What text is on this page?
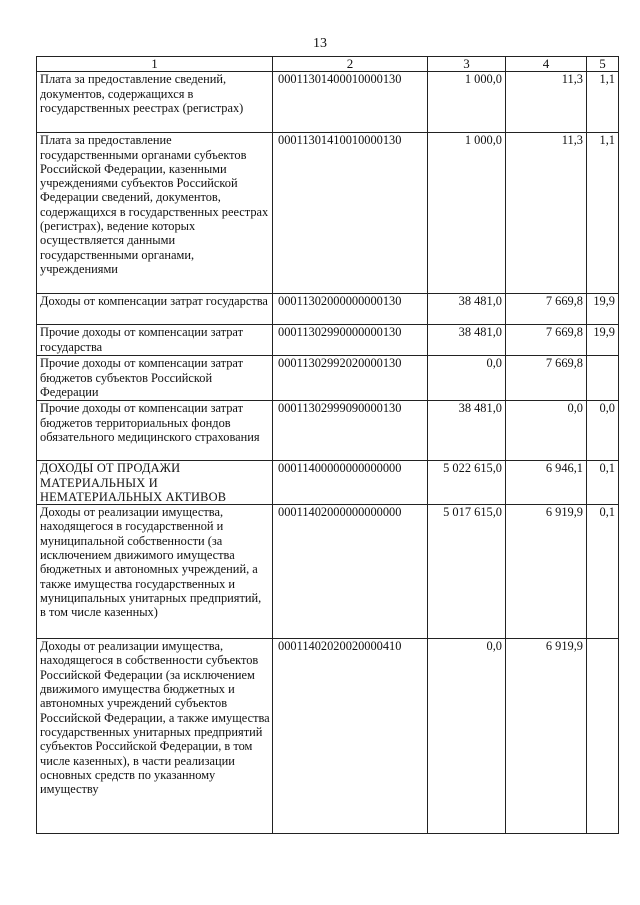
13
1	2	3	4	5
Плата за предоставление сведений, документов, содержащихся в государственных реестрах (регистрах)	00011301400010000130	1 000,0	11,3	1,1
Плата за предоставление государственными органами субъектов Российской Федерации, казенными учреждениями субъектов Российской Федерации сведений, документов, содержащихся в государственных реестрах (регистрах), ведение которых осуществляется данными государственными органами, учреждениями	00011301410010000130	1 000,0	11,3	1,1
Доходы от компенсации затрат государства	00011302000000000130	38 481,0	7 669,8	19,9
Прочие доходы от компенсации затрат государства	00011302990000000130	38 481,0	7 669,8	19,9
Прочие доходы от компенсации затрат бюджетов субъектов Российской Федерации	00011302992020000130	0,0	7 669,8	
Прочие доходы от компенсации затрат бюджетов территориальных фондов обязательного медицинского страхования	00011302999090000130	38 481,0	0,0	0,0
ДОХОДЫ ОТ ПРОДАЖИ МАТЕРИАЛЬНЫХ И НЕМАТЕРИАЛЬНЫХ АКТИВОВ	00011400000000000000	5 022 615,0	6 946,1	0,1
Доходы от реализации имущества, находящегося в государственной и муниципальной собственности (за исключением движимого имущества бюджетных и автономных учреждений, а также имущества государственных и муниципальных унитарных предприятий, в том числе казенных)	00011402000000000000	5 017 615,0	6 919,9	0,1
Доходы от реализации имущества, находящегося в собственности субъектов Российской Федерации (за исключением движимого имущества бюджетных и автономных учреждений субъектов Российской Федерации, а также имущества государственных унитарных предприятий субъектов Российской Федерации, в том числе казенных), в части реализации основных средств по указанному имуществу	00011402020020000410	0,0	6 919,9	
